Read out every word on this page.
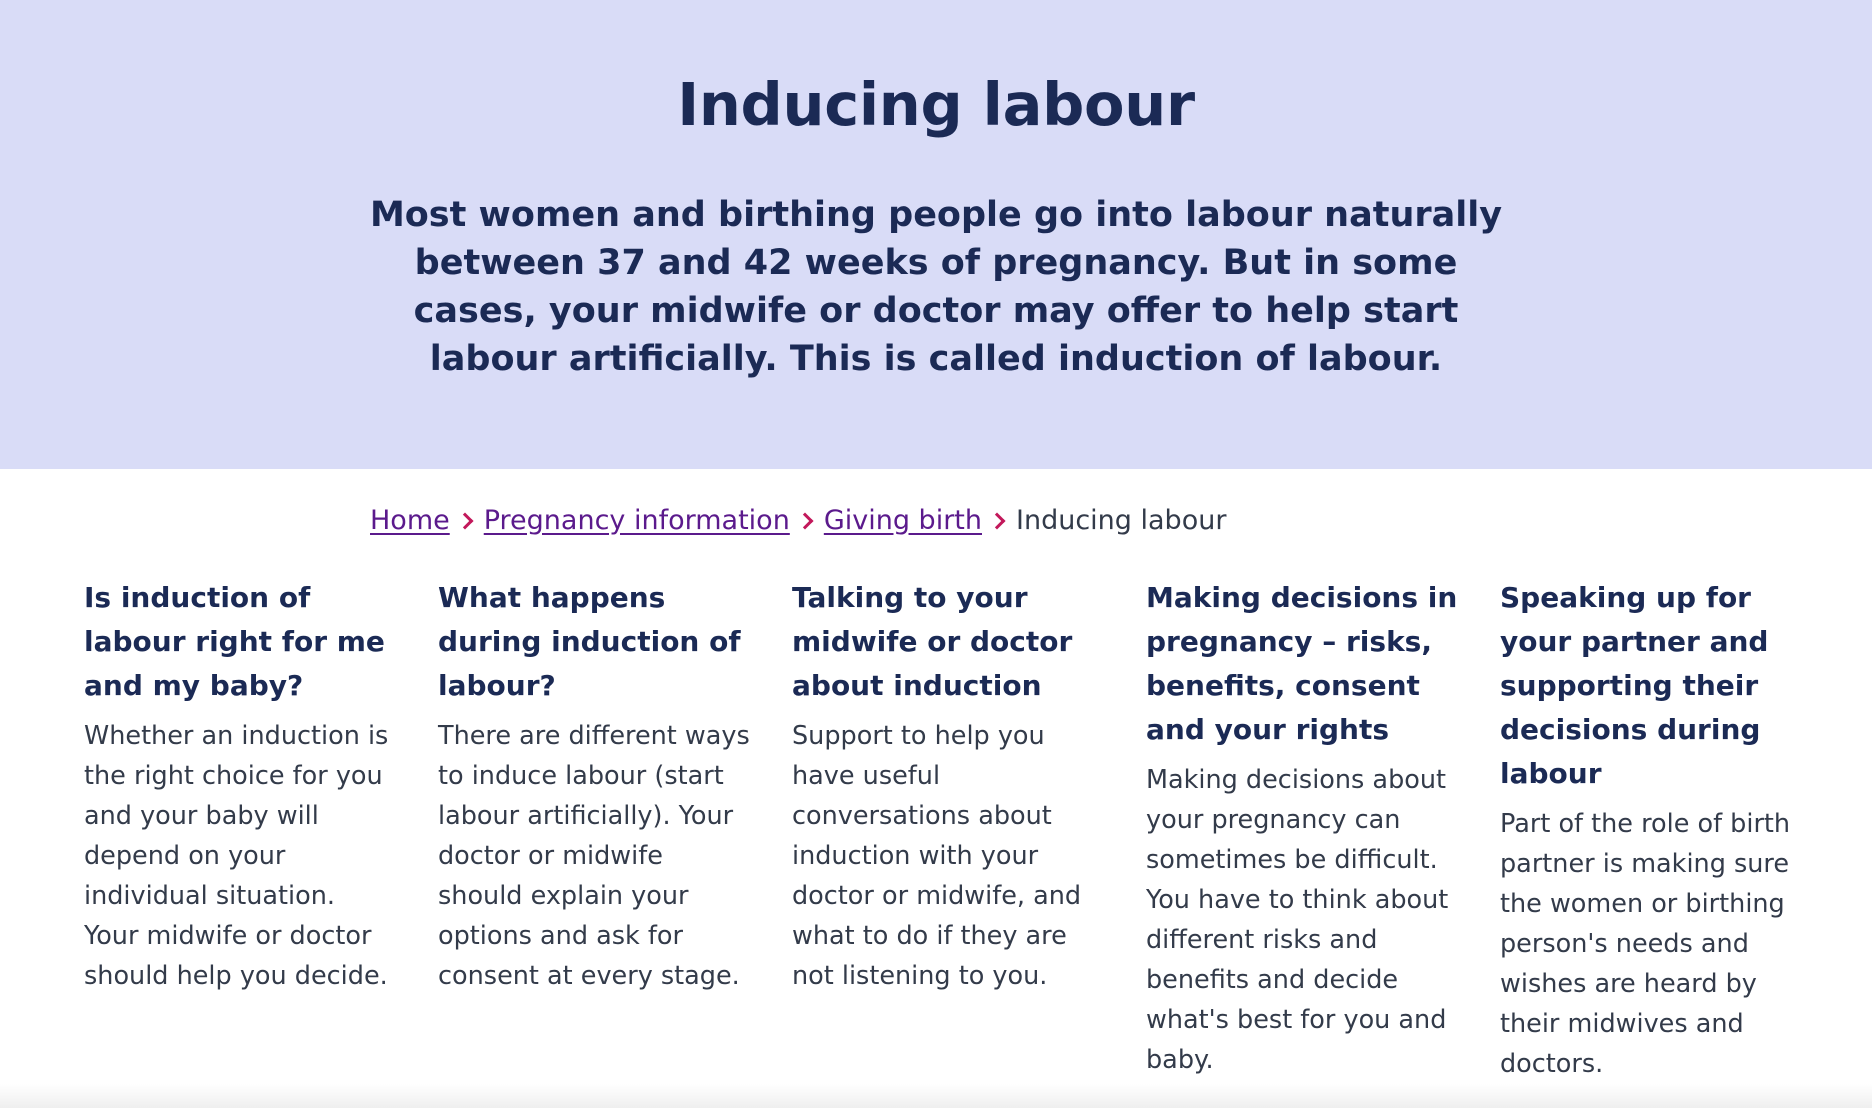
Inducing labour

Most women and birthing people go into labour naturally between 37 and 42 weeks of pregnancy. But in some cases, your midwife or doctor may offer to help start labour artificially. This is called induction of labour.

Home Pregnancy information Giving birth Inducing labour
Is induction of labour right for me and my baby?

Whether an induction is the right choice for you and your baby will depend on your individual situation. Your midwife or doctor should help you decide.

What happens during induction of labour?

There are different ways to induce labour (start labour artificially). Your doctor or midwife should explain your options and ask for consent at every stage.

Talking to your midwife or doctor about induction

Support to help you have useful conversations about induction with your doctor or midwife, and what to do if they are not listening to you.

Making decisions in pregnancy – risks, benefits, consent and your rights

Making decisions about your pregnancy can sometimes be difficult. You have to think about different risks and benefits and decide what's best for you and baby.

Speaking up for your partner and supporting their decisions during labour

Part of the role of birth partner is making sure the women or birthing person's needs and wishes are heard by their midwives and doctors.
